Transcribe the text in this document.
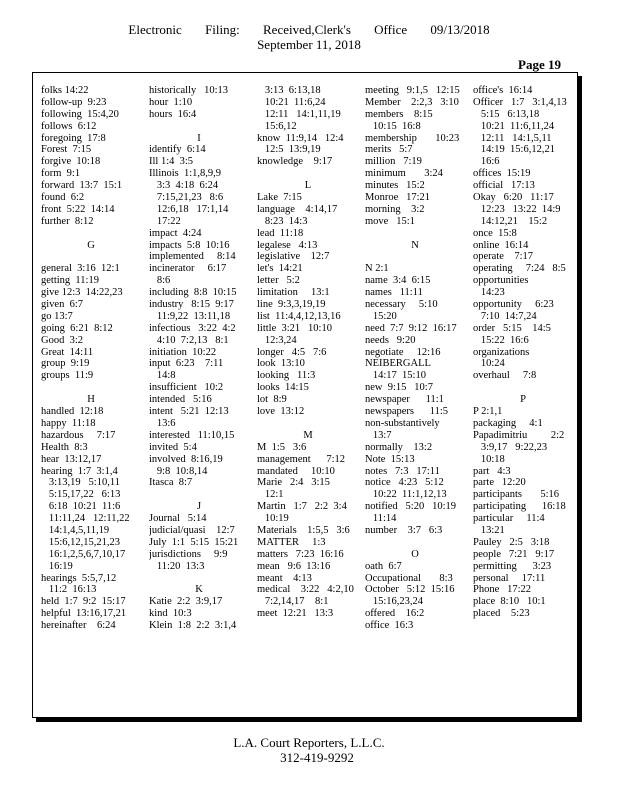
Electronic Filing: Received,Clerk's Office 09/13/2018
September 11, 2018
Page 19
folks 14:22
follow-up  9:23
following  15:4,20
follows  6:12
foregoing  17:8
Forest  7:15
forgive  10:18
form  9:1
forward  13:7  15:1
found  6:2
front  5:22  14:14
further  8:12
G
general  3:16  12:1
getting  11:19
give 12:3  14:22,23
given  6:7
go 13:7
going  6:21  8:12
Good  3:2
Great  14:11
group  9:19
groups  11:9
H
handled  12:18
happy  11:18
hazardous     7:17
Health  8:3
hear  13:12,17
hearing  1:7  3:1,4
3:13,19   5:10,11
5:15,17,22   6:13
6:18  10:21  11:6
11:11,24   12:11,22
14:1,4,5,11,19
15:6,12,15,21,23
16:1,2,5,6,7,10,17
16:19
hearings  5:5,7,12
11:2  16:13
held  1:7  9:2  15:17
helpful  13:16,17,21
hereinafter    6:24
historically   10:13
hour  1:10
hours  16:4
I
identify  6:14
Ill 1:4  3:5
Illinois  1:1,8,9,9
3:3  4:18  6:24
7:15,21,23   8:6
12:6,18   17:1,14
17:22
impact  4:24
impacts  5:8  10:16
implemented     8:14
incinerator     6:17
8:6
including  8:8  10:15
industry   8:15  9:17
11:9,22  13:11,18
infectious   3:22  4:2
4:10  7:2,13   8:1
initiation  10:22
input  6:23    7:11
14:8
insufficient   10:2
intended   5:16
intent   5:21  12:13
13:6
interested   11:10,15
invited  5:4
involved  8:16,19
9:8  10:8,14
Itasca  8:7
J
Journal   5:14
judicial/quasi    12:7
July  1:1  5:15  15:21
jurisdictions     9:9
11:20  13:3
K
Katie  2:2  3:9,17
kind  10:3
Klein  1:8  2:2  3:1,4
3:13  6:13,18
10:21  11:6,24
12:11   14:1,11,19
15:6,12
know  11:9,14   12:4
12:5  13:9,19
knowledge    9:17
L
Lake  7:15
language    4:14,17
8:23  14:3
lead  11:18
legalese   4:13
legislative    12:7
let's  14:21
letter   5:2
limitation     13:1
line  9:3,3,19,19
list  11:4,4,12,13,16
little  3:21   10:10
12:3,24
longer   4:5   7:6
look  13:10
looking   11:3
looks  14:15
lot  8:9
love  13:12
M
M  1:5   3:6
management      7:12
mandated     10:10
Marie   2:4   3:15
12:1
Martin   1:7   2:2  3:4
10:19
Materials    1:5,5   3:6
MATTER     1:3
matters   7:23  16:16
mean   9:6  13:16
meant    4:13
medical    3:22   4:2,10
7:2,14,17    8:1
meet  12:21   13:3
meeting   9:1,5   12:15
Member    2:2,3   3:10
members    8:15
10:15  16:8
membership       10:23
merits   5:7
million   7:19
minimum       3:24
minutes   15:2
Monroe   17:21
morning    3:2
move   15:1
N
N 2:1
name  3:4  6:15
names   11:11
necessary     5:10
15:20
need  7:7  9:12  16:17
needs   9:20
negotiate     12:16
NEIBERGALL
14:17  15:10
new  9:15   10:7
newspaper      11:1
newspapers      11:5
non-substantively
13:7
normally    13:2
Note  15:13
notes   7:3   17:11
notice   4:23   5:12
10:22  11:1,12,13
notified   5:20   10:19
11:14
number    3:7   6:3
O
oath  6:7
Occupational       8:3
October   5:12  15:16
15:16,23,24
offered    16:2
office  16:3
office's  16:14
Officer   1:7   3:1,4,13
5:15   6:13,18
10:21  11:6,11,24
12:11   14:1,5,11
14:19  15:6,12,21
16:6
offices  15:19
official   17:13
Okay   6:20   11:17
12:23   13:22  14:9
14:12,21    15:2
once  15:8
online  16:14
operate    7:17
operating     7:24   8:5
opportunities
14:23
opportunity     6:23
7:10  14:7,24
order   5:15    14:5
15:22  16:6
organizations
10:24
overhaul     7:8
P
P 2:1,1
packaging     4:1
Papadimitriu         2:2
3:9,17   9:22,23
10:18
part   4:3
parte   12:20
participants       5:16
participating      16:18
particular     11:4
13:21
Pauley   2:5   3:18
people   7:21   9:17
permitting      3:23
personal     17:11
Phone   17:22
place  8:10   10:1
placed    5:23
L.A. Court Reporters, L.L.C.
312-419-9292
